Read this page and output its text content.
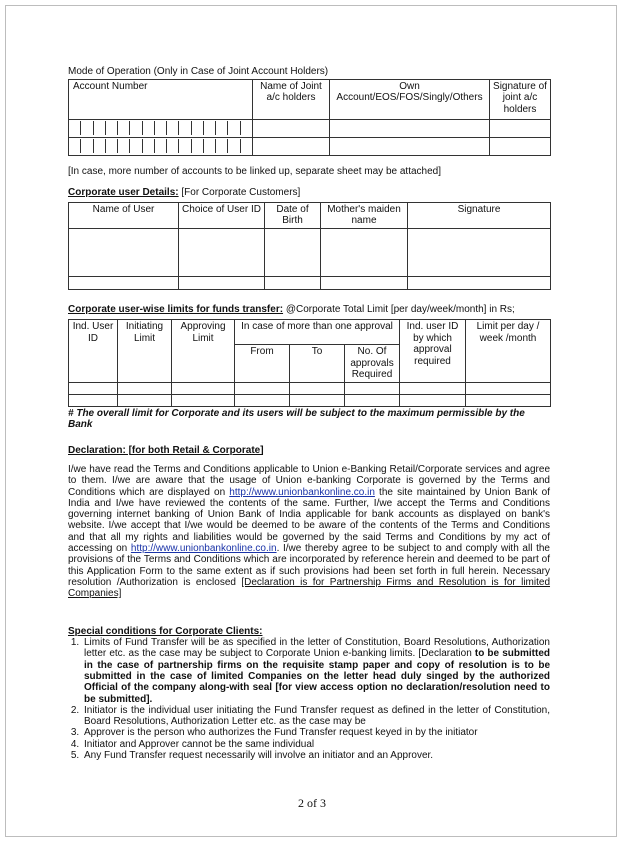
Mode of Operation (Only in Case of Joint Account Holders)
Account Number	Name of Joint a/c holders	Own Account/EOS/FOS/Singly/Others	Signature of joint a/c holders

[In case, more number of accounts to be linked up, separate sheet may be attached]
Corporate user Details: [For Corporate Customers]
Name of User	Choice of User ID	Date of Birth	Mother's maiden name	Signature

Corporate user-wise limits for funds transfer: @Corporate Total Limit [per day/week/month] in Rs;
Ind. User ID	Initiating Limit	Approving Limit	In case of more than one approval			Ind. user ID by which approval required	Limit per day / week /month
			From	To	No. Of approvals Required		

# The overall limit for Corporate and its users will be subject to the maximum permissible by the Bank
Declaration: [for both Retail & Corporate]
I/we have read the Terms and Conditions applicable to Union e-Banking Retail/Corporate services and agree to them. I/we are aware that the usage of Union e-banking Corporate is governed by the Terms and Conditions which are displayed on http://www.unionbankonline.co.in the site maintained by Union Bank of India and I/we have reviewed the contents of the same. Further, I/we accept the Terms and Conditions governing internet banking of Union Bank of India applicable for bank accounts as displayed on bank's website. I/we accept that I/we would be deemed to be aware of the contents of the Terms and Conditions and that all my rights and liabilities would be governed by the said Terms and Conditions by my act of accessing on http://www.unionbankonline.co.in. I/we thereby agree to be subject to and comply with all the provisions of the Terms and Conditions which are incorporated by reference herein and deemed to be part of this Application Form to the same extent as if such provisions had been set forth in full herein. Necessary resolution /Authorization is enclosed [Declaration is for Partnership Firms and Resolution is for limited Companies]
Special conditions for Corporate Clients:
1. Limits of Fund Transfer will be as specified in the letter of Constitution, Board Resolutions, Authorization letter etc. as the case may be subject to Corporate Union e-banking limits. [Declaration to be submitted in the case of partnership firms on the requisite stamp paper and copy of resolution is to be submitted in the case of limited Companies on the letter head duly singed by the authorized Official of the company along-with seal [for view access option no declaration/resolution need to be submitted].
2. Initiator is the individual user initiating the Fund Transfer request as defined in the letter of Constitution, Board Resolutions, Authorization Letter etc. as the case may be
3. Approver is the person who authorizes the Fund Transfer request keyed in by the initiator
4. Initiator and Approver cannot be the same individual
5. Any Fund Transfer request necessarily will involve an initiator and an Approver.
2 of 3
